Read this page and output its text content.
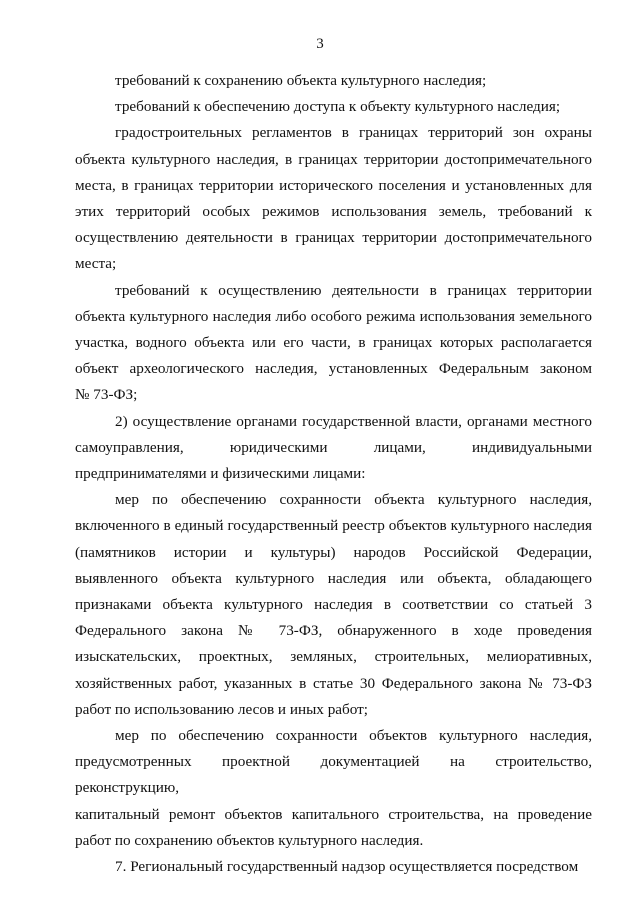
3
требований к сохранению объекта культурного наследия;
требований к обеспечению доступа к объекту культурного наследия;
градостроительных регламентов в границах территорий зон охраны
объекта культурного наследия, в границах территории достопримечательного
места, в границах территории исторического поселения и установленных для
этих территорий особых режимов использования земель, требований к
осуществлению деятельности в границах территории достопримечательного
места;
требований к осуществлению деятельности в границах территории
объекта культурного наследия либо особого режима использования земельного
участка, водного объекта или его части, в границах которых располагается
объект археологического наследия, установленных Федеральным законом
№ 73-ФЗ;
2) осуществление органами государственной власти, органами местного
самоуправления, юридическими лицами, индивидуальными
предпринимателями и физическими лицами:
мер по обеспечению сохранности объекта культурного наследия,
включенного в единый государственный реестр объектов культурного наследия
(памятников истории и культуры) народов Российской Федерации,
выявленного объекта культурного наследия или объекта, обладающего
признаками объекта культурного наследия в соответствии со статьей 3
Федерального закона № 73-ФЗ, обнаруженного в ходе проведения
изыскательских, проектных, земляных, строительных, мелиоративных,
хозяйственных работ, указанных в статье 30 Федерального закона № 73-ФЗ
работ по использованию лесов и иных работ;
мер по обеспечению сохранности объектов культурного наследия,
предусмотренных проектной документацией на строительство, реконструкцию,
капитальный ремонт объектов капитального строительства, на проведение
работ по сохранению объектов культурного наследия.
7. Региональный государственный надзор осуществляется посредством
